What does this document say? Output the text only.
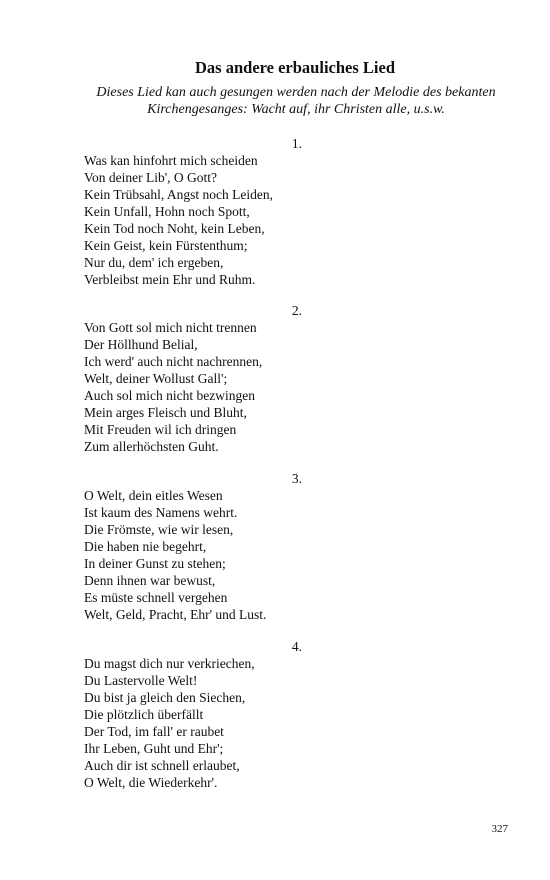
Das andere erbauliches Lied
Dieses Lied kan auch gesungen werden nach der Melodie des bekanten
Kirchengesanges: Wacht auf, ihr Christen alle, u.s.w.
1.
Was kan hinfohrt mich scheiden
Von deiner Lib', O Gott?
Kein Trübsahl, Angst noch Leiden,
Kein Unfall, Hohn noch Spott,
Kein Tod noch Noht, kein Leben,
Kein Geist, kein Fürstenthum;
Nur du, dem' ich ergeben,
Verbleibst mein Ehr und Ruhm.
2.
Von Gott sol mich nicht trennen
Der Höllhund Belial,
Ich werd' auch nicht nachrennen,
Welt, deiner Wollust Gall';
Auch sol mich nicht bezwingen
Mein arges Fleisch und Bluht,
Mit Freuden wil ich dringen
Zum allerhöchsten Guht.
3.
O Welt, dein eitles Wesen
Ist kaum des Namens wehrt.
Die Frömste, wie wir lesen,
Die haben nie begehrt,
In deiner Gunst zu stehen;
Denn ihnen war bewust,
Es müste schnell vergehen
Welt, Geld, Pracht, Ehr' und Lust.
4.
Du magst dich nur verkriechen,
Du Lastervolle Welt!
Du bist ja gleich den Siechen,
Die plötzlich überfällt
Der Tod, im fall' er raubet
Ihr Leben, Guht und Ehr';
Auch dir ist schnell erlaubet,
O Welt, die Wiederkehr'.
327
